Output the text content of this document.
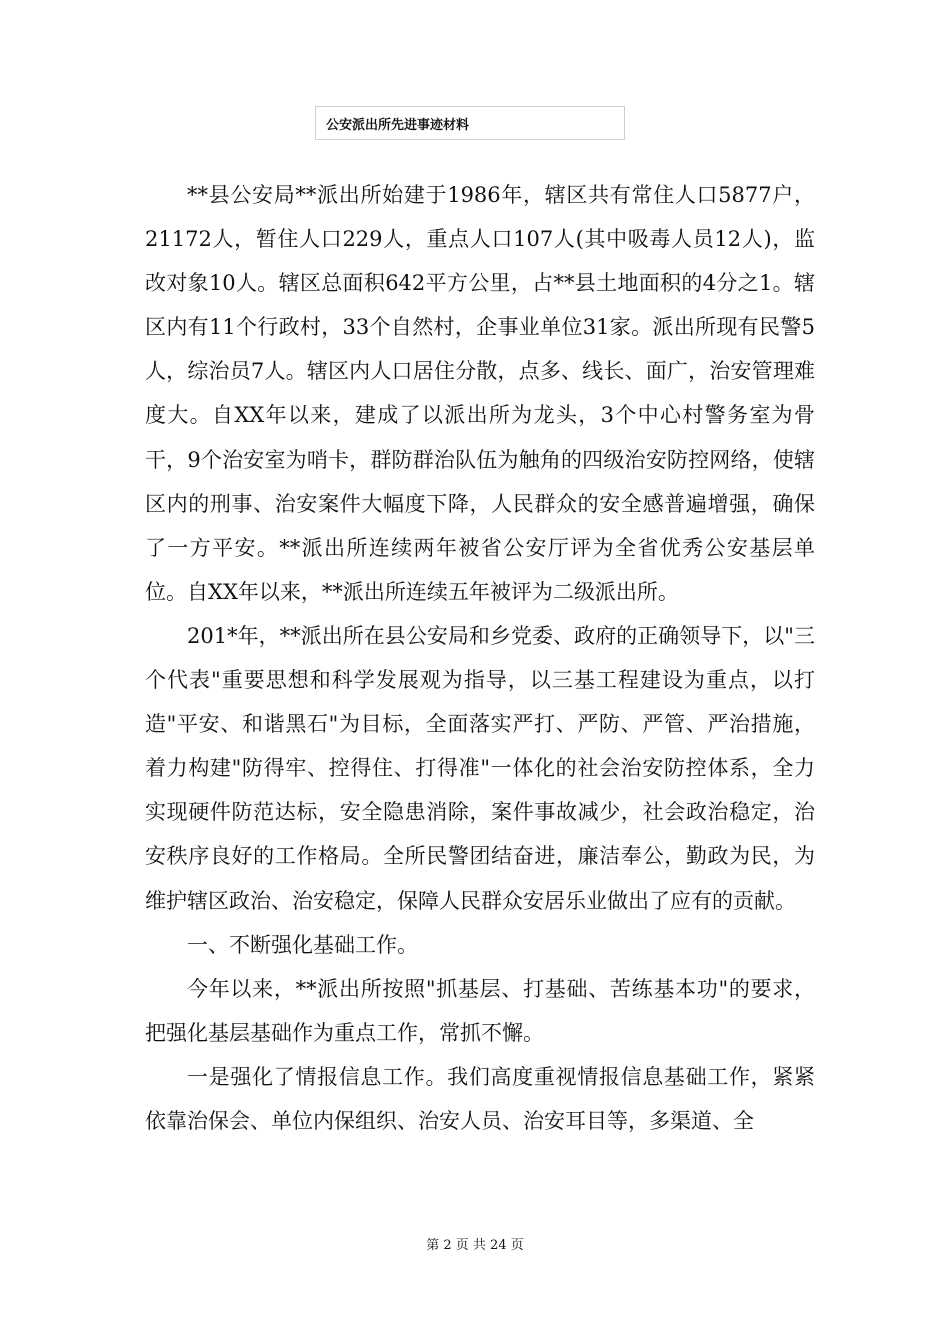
公安派出所先进事迹材料

**县公安局**派出所始建于1986年，辖区共有常住人口5877户，21172人，暂住人口229人，重点人口107人(其中吸毒人员12人)，监改对象10人。辖区总面积642平方公里，占**县土地面积的4分之1。辖区内有11个行政村，33个自然村，企事业单位31家。派出所现有民警5人，综治员7人。辖区内人口居住分散，点多、线长、面广，治安管理难度大。自XX年以来，建成了以派出所为龙头，3个中心村警务室为骨干，9个治安室为哨卡，群防群治队伍为触角的四级治安防控网络，使辖区内的刑事、治安案件大幅度下降，人民群众的安全感普遍增强，确保了一方平安。**派出所连续两年被省公安厅评为全省优秀公安基层单位。自XX年以来，**派出所连续五年被评为二级派出所。

201*年，**派出所在县公安局和乡党委、政府的正确领导下，以"三个代表"重要思想和科学发展观为指导，以三基工程建设为重点，以打造"平安、和谐黑石"为目标，全面落实严打、严防、严管、严治措施，着力构建"防得牢、控得住、打得准"一体化的社会治安防控体系，全力实现硬件防范达标，安全隐患消除，案件事故减少，社会政治稳定，治安秩序良好的工作格局。全所民警团结奋进，廉洁奉公，勤政为民，为维护辖区政治、治安稳定，保障人民群众安居乐业做出了应有的贡献。

一、不断强化基础工作。

今年以来，**派出所按照"抓基层、打基础、苦练基本功"的要求，把强化基层基础作为重点工作，常抓不懈。

一是强化了情报信息工作。我们高度重视情报信息基础工作，紧紧依靠治保会、单位内保组织、治安人员、治安耳目等，多渠道、全

第 2 页 共 24 页
